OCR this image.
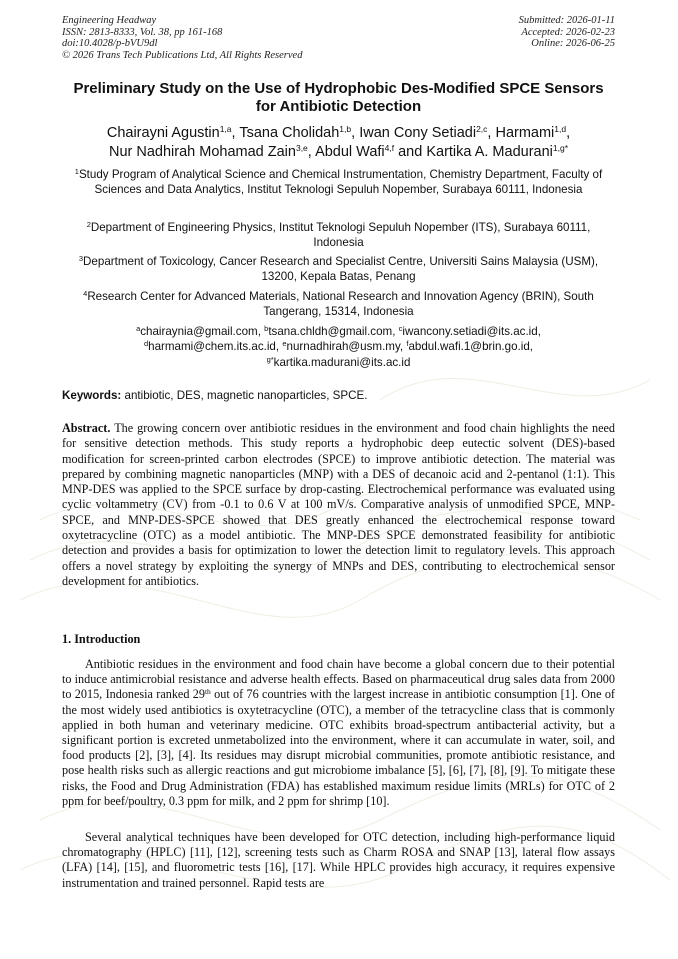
Engineering Headway
ISSN: 2813-8333, Vol. 38, pp 161-168
doi:10.4028/p-bVU9dl
© 2026 Trans Tech Publications Ltd, All Rights Reserved
Submitted: 2026-01-11
Accepted: 2026-02-23
Online: 2026-06-25
Preliminary Study on the Use of Hydrophobic Des-Modified SPCE Sensors for Antibiotic Detection

Chairayni Agustin$^{1,a}$, Tsana Cholidah$^{1,b}$, Iwan Cony Setiadi$^{2,c}$, Harmami$^{1,d}$,
Nur Nadhirah Mohamad Zain$^{3,e}$, Abdul Wafi$^{4,f}$ and Kartika A. Madurani$^{1,g*}$

$^1$Study Program of Analytical Science and Chemical Instrumentation, Chemistry Department, Faculty of Sciences and Data Analytics, Institut Teknologi Sepuluh Nopember, Surabaya 60111, Indonesia

$^2$Department of Engineering Physics, Institut Teknologi Sepuluh Nopember (ITS), Surabaya 60111, Indonesia

$^3$Department of Toxicology, Cancer Research and Specialist Centre, Universiti Sains Malaysia (USM), 13200, Kepala Batas, Penang

$^4$Research Center for Advanced Materials, National Research and Innovation Agency (BRIN), South Tangerang, 15314, Indonesia

$^a$chairaynia@gmail.com, $^b$tsana.chldh@gmail.com, $^c$iwancony.setiadi@its.ac.id,
$^d$harmami@chem.its.ac.id, $^e$nurnadhirah@usm.my, $^f$abdul.wafi.1@brin.go.id,
$^{g*}$kartika.madurani@its.ac.id

Keywords: antibiotic, DES, magnetic nanoparticles, SPCE.

Abstract. The growing concern over antibiotic residues in the environment and food chain highlights the need for sensitive detection methods. This study reports a hydrophobic deep eutectic solvent (DES)-based modification for screen-printed carbon electrodes (SPCE) to improve antibiotic detection. The material was prepared by combining magnetic nanoparticles (MNP) with a DES of decanoic acid and 2-pentanol (1:1). This MNP-DES was applied to the SPCE surface by drop-casting. Electrochemical performance was evaluated using cyclic voltammetry (CV) from -0.1 to 0.6 V at 100 mV/s. Comparative analysis of unmodified SPCE, MNP-SPCE, and MNP-DES-SPCE showed that DES greatly enhanced the electrochemical response toward oxytetracycline (OTC) as a model antibiotic. The MNP-DES SPCE demonstrated feasibility for antibiotic detection and provides a basis for optimization to lower the detection limit to regulatory levels. This approach offers a novel strategy by exploiting the synergy of MNPs and DES, contributing to electrochemical sensor development for antibiotics.

1. Introduction

Antibiotic residues in the environment and food chain have become a global concern due to their potential to induce antimicrobial resistance and adverse health effects. Based on pharmaceutical drug sales data from 2000 to 2015, Indonesia ranked 29th out of 76 countries with the largest increase in antibiotic consumption [1]. One of the most widely used antibiotics is oxytetracycline (OTC), a member of the tetracycline class that is commonly applied in both human and veterinary medicine. OTC exhibits broad-spectrum antibacterial activity, but a significant portion is excreted unmetabolized into the environment, where it can accumulate in water, soil, and food products [2], [3], [4]. Its residues may disrupt microbial communities, promote antibiotic resistance, and pose health risks such as allergic reactions and gut microbiome imbalance [5], [6], [7], [8], [9]. To mitigate these risks, the Food and Drug Administration (FDA) has established maximum residue limits (MRLs) for OTC of 2 ppm for beef/poultry, 0.3 ppm for milk, and 2 ppm for shrimp [10].

Several analytical techniques have been developed for OTC detection, including high-performance liquid chromatography (HPLC) [11], [12], screening tests such as Charm ROSA and SNAP [13], lateral flow assays (LFA) [14], [15], and fluorometric tests [16], [17]. While HPLC provides high accuracy, it requires expensive instrumentation and trained personnel. Rapid tests are
